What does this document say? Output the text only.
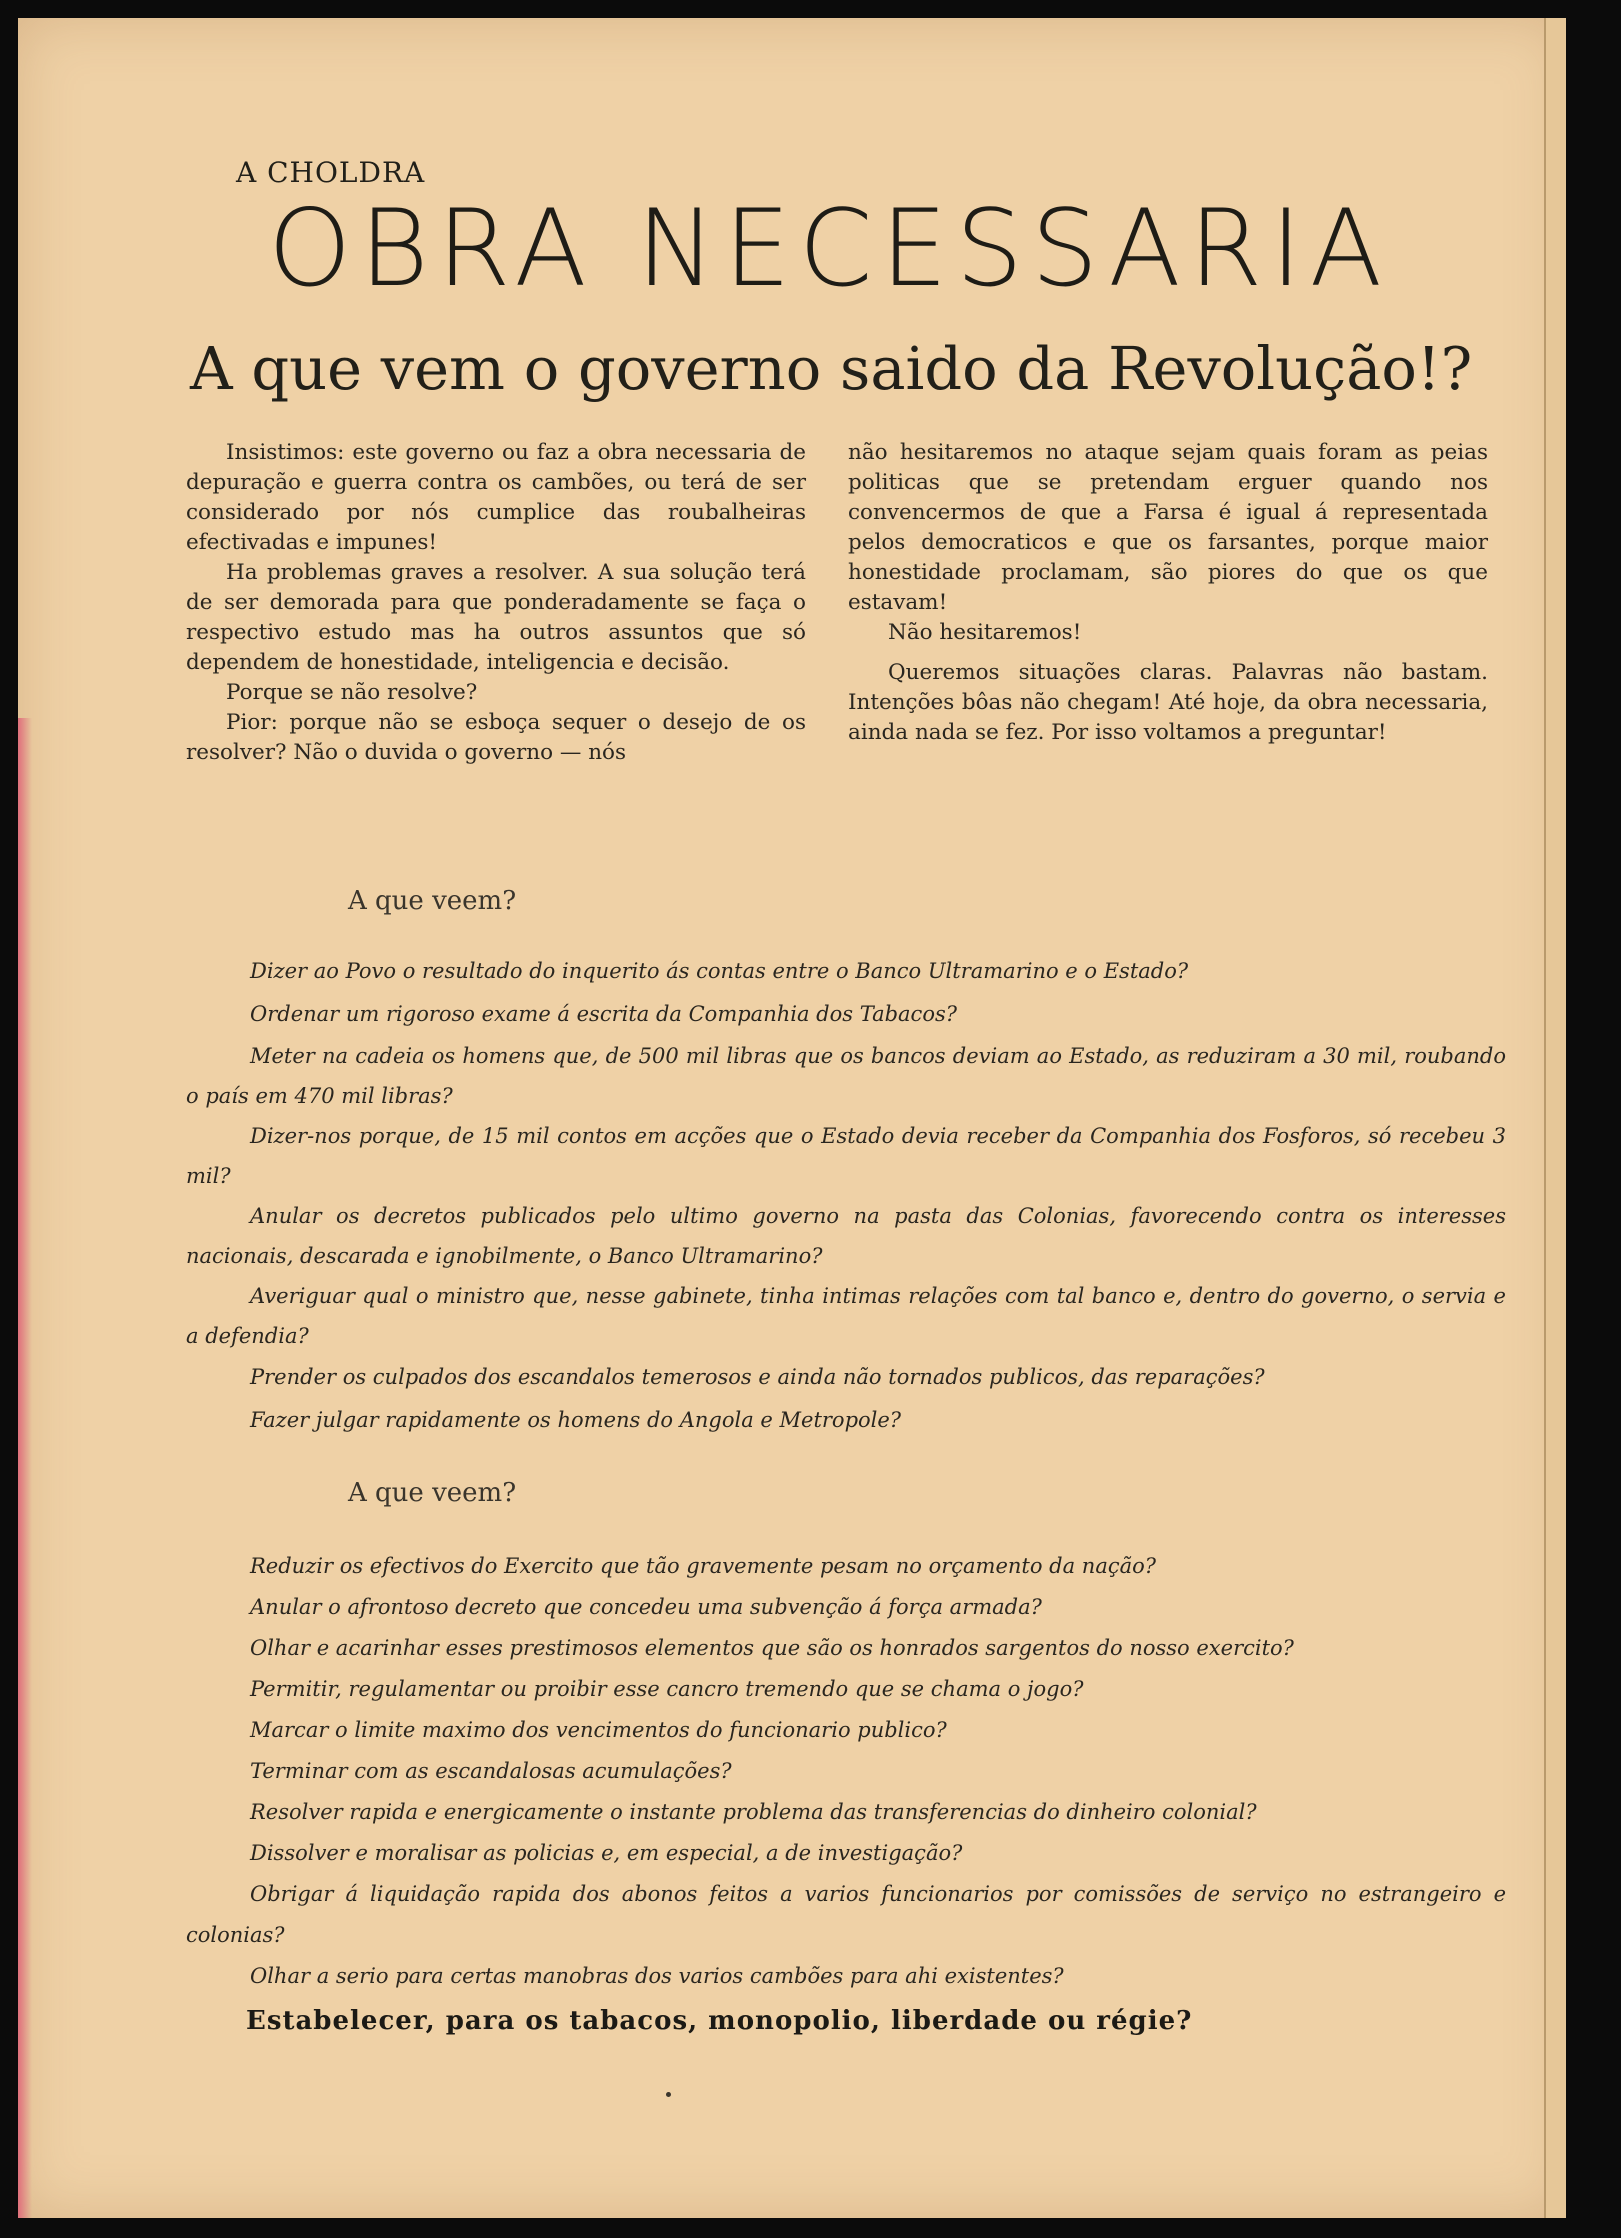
A CHOLDRA
OBRA NECESSARIA
A que vem o governo saido da Revolução!?

Insistimos: este governo ou faz a obra necessaria de depuração e guerra contra os cambões, ou terá de ser considerado por nós cumplice das roubalheiras efectivadas e impunes!

Ha problemas graves a resolver. A sua solução terá de ser demorada para que ponderadamente se faça o respectivo estudo mas ha outros assuntos que só dependem de honestidade, inteligencia e decisão.

Porque se não resolve?

Pior: porque não se esboça sequer o desejo de os resolver? Não o duvida o governo — nós

não hesitaremos no ataque sejam quais foram as peias politicas que se pretendam erguer quando nos convencermos de que a Farsa é igual á representada pelos democraticos e que os farsantes, porque maior honestidade proclamam, são piores do que os que estavam!

Não hesitaremos!

Queremos situações claras. Palavras não bastam. Intenções bôas não chegam! Até hoje, da obra necessaria, ainda nada se fez. Por isso voltamos a preguntar!

A que veem?

Dizer ao Povo o resultado do inquerito ás contas entre o Banco Ultramarino e o Estado?

Ordenar um rigoroso exame á escrita da Companhia dos Tabacos?

Meter na cadeia os homens que, de 500 mil libras que os bancos deviam ao Estado, as reduziram a 30 mil, roubando o país em 470 mil libras?

Dizer-nos porque, de 15 mil contos em acções que o Estado devia receber da Companhia dos Fosforos, só recebeu 3 mil?

Anular os decretos publicados pelo ultimo governo na pasta das Colonias, favorecendo contra os interesses nacionais, descarada e ignobilmente, o Banco Ultramarino?

Averiguar qual o ministro que, nesse gabinete, tinha intimas relações com tal banco e, dentro do governo, o servia e a defendia?

Prender os culpados dos escandalos temerosos e ainda não tornados publicos, das reparações?

Fazer julgar rapidamente os homens do Angola e Metropole?

A que veem?

Reduzir os efectivos do Exercito que tão gravemente pesam no orçamento da nação?

Anular o afrontoso decreto que concedeu uma subvenção á força armada?

Olhar e acarinhar esses prestimosos elementos que são os honrados sargentos do nosso exercito?

Permitir, regulamentar ou proibir esse cancro tremendo que se chama o jogo?

Marcar o limite maximo dos vencimentos do funcionario publico?

Terminar com as escandalosas acumulações?

Resolver rapida e energicamente o instante problema das transferencias do dinheiro colonial?

Dissolver e moralisar as policias e, em especial, a de investigação?

Obrigar á liquidação rapida dos abonos feitos a varios funcionarios por comissões de serviço no estrangeiro e colonias?

Olhar a serio para certas manobras dos varios cambões para ahi existentes?

Estabelecer, para os tabacos, monopolio, liberdade ou régie?
